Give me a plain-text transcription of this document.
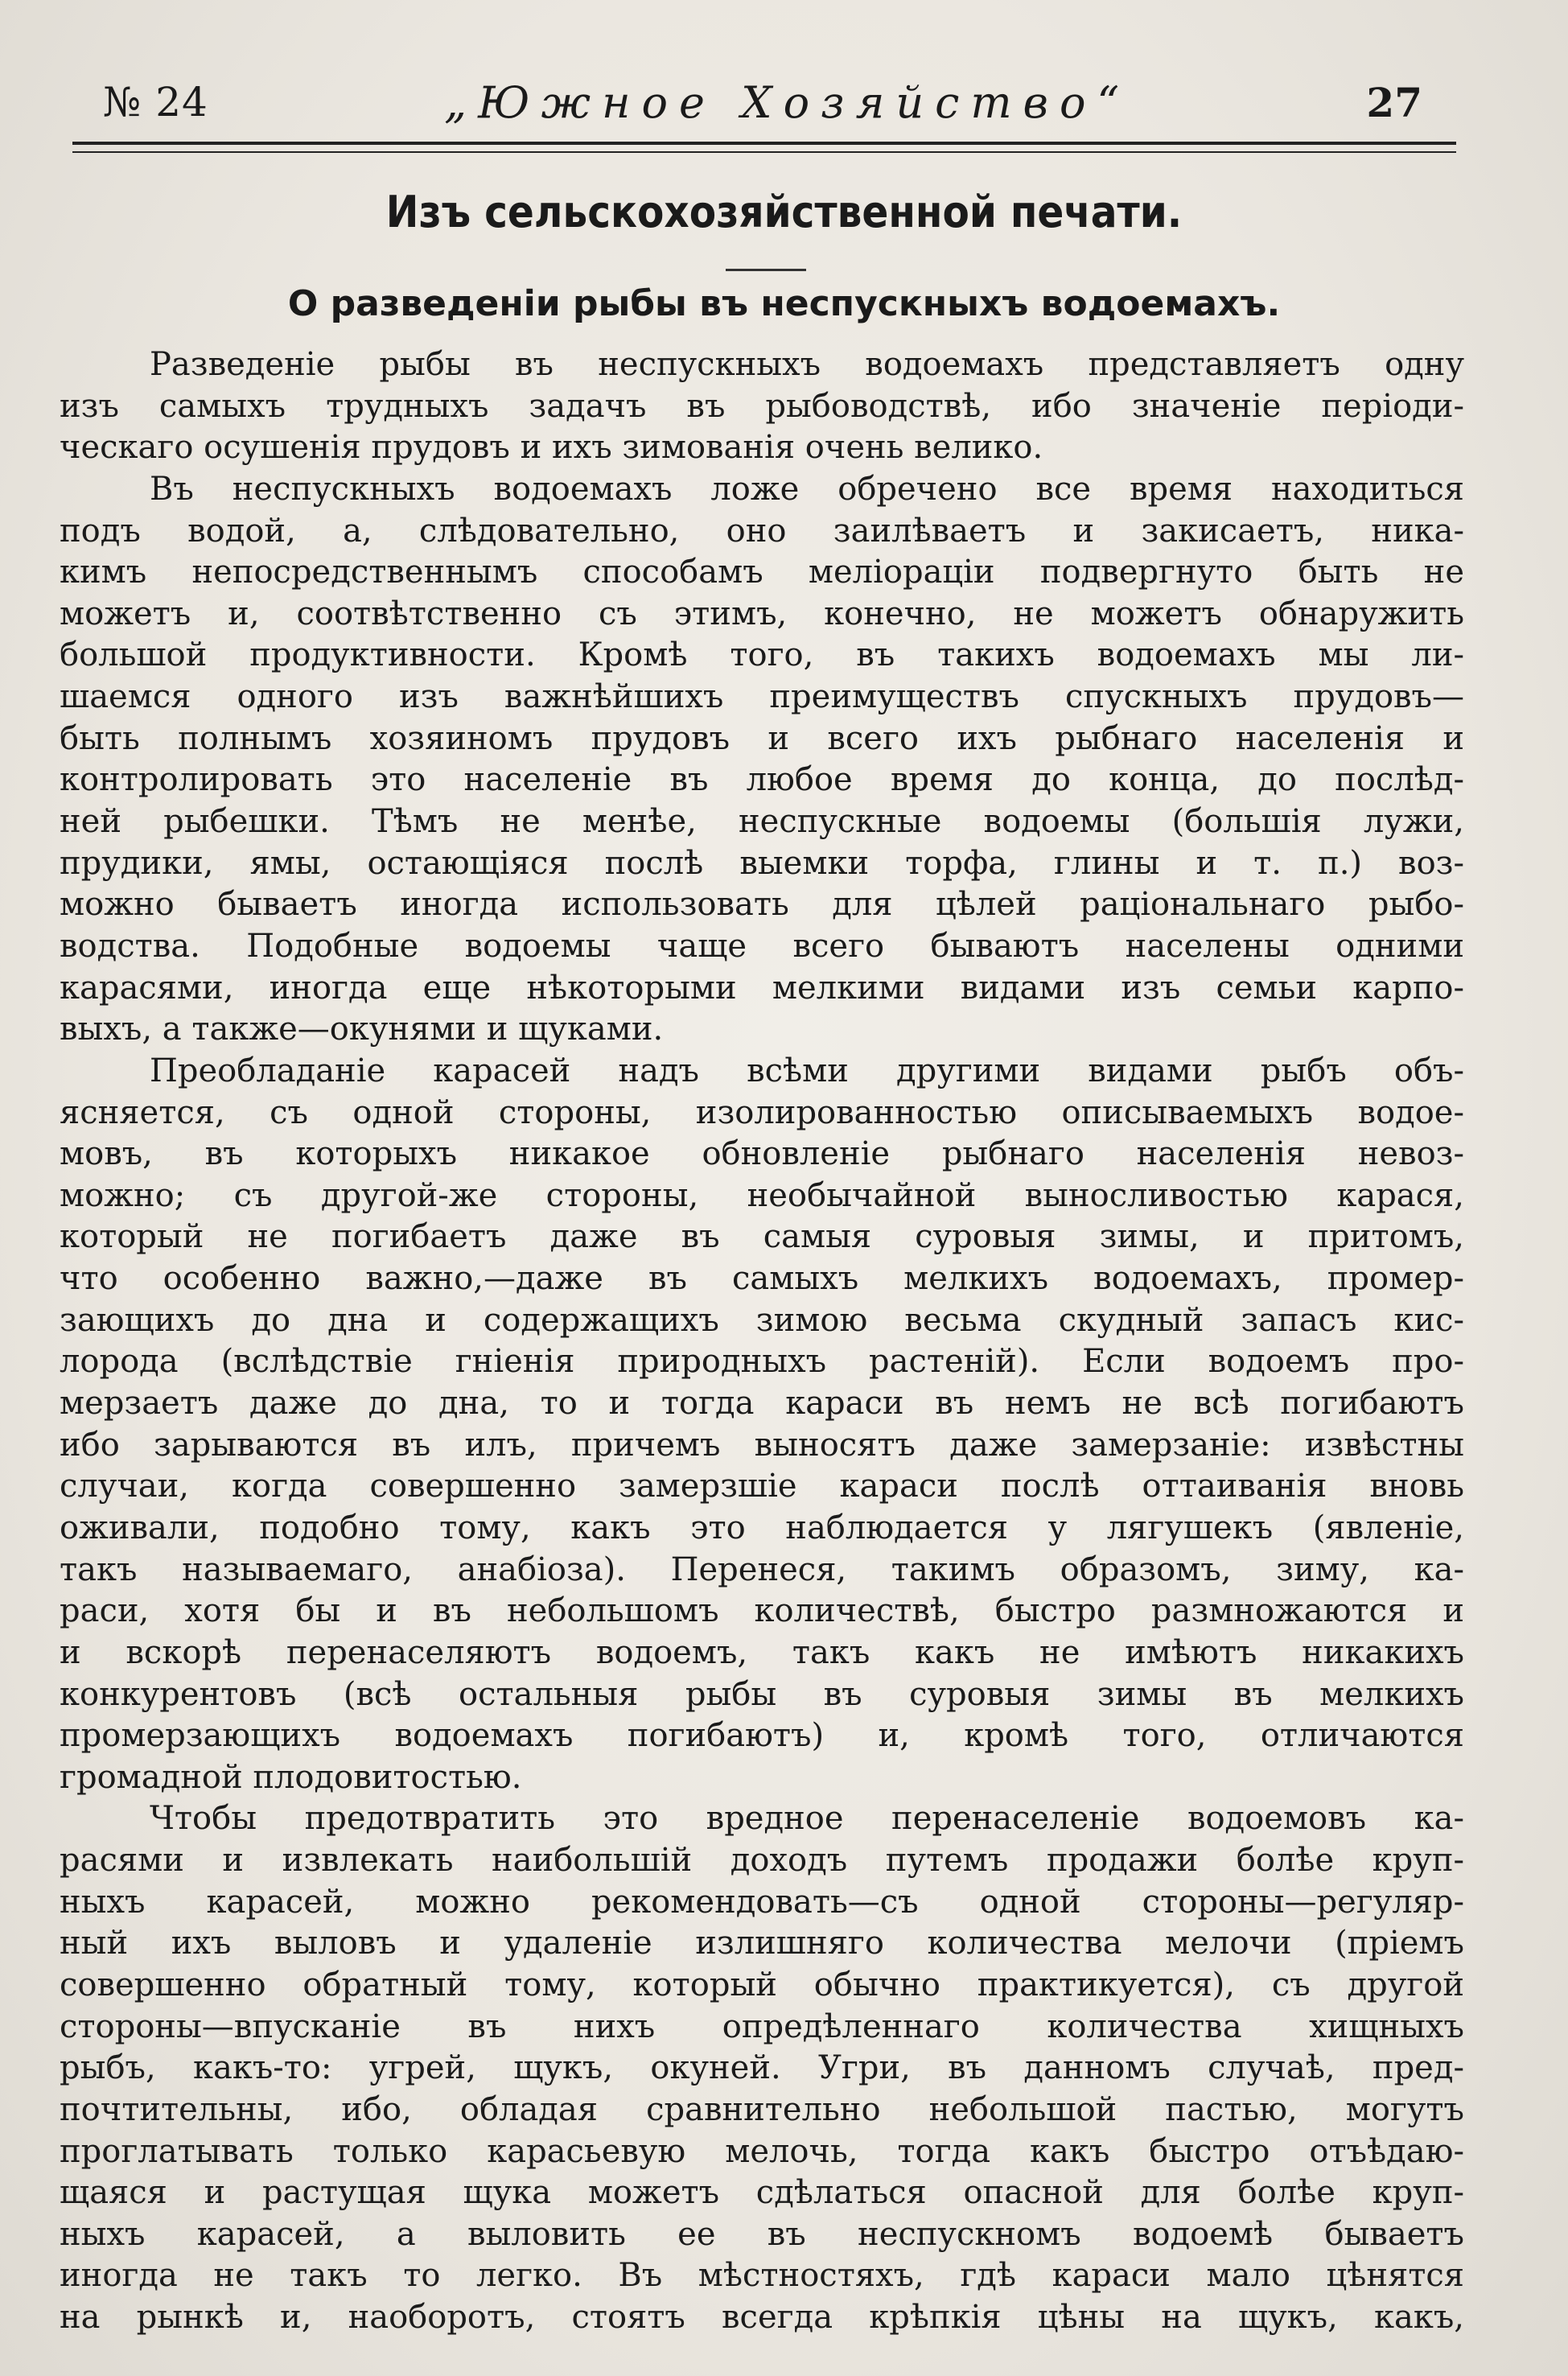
№ 24	„Южное Хозяйство“	27
Изъ сельскохозяйственной печати.
О разведеніи рыбы въ неспускныхъ водоемахъ.
Разведеніе рыбы въ неспускныхъ водоемахъ представляетъ одну
изъ самыхъ трудныхъ задачъ въ рыбоводствѣ, ибо значеніе періоди-
ческаго осушенія прудовъ и ихъ зимованія очень велико.
Въ неспускныхъ водоемахъ ложе обречено все время находиться
подъ водой, а, слѣдовательно, оно заилѣваетъ и закисаетъ, ника-
кимъ непосредственнымъ способамъ меліораціи подвергнуто быть не
можетъ и, соотвѣтственно съ этимъ, конечно, не можетъ обнаружить
большой продуктивности. Кромѣ того, въ такихъ водоемахъ мы ли-
шаемся одного изъ важнѣйшихъ преимуществъ спускныхъ прудовъ—
быть полнымъ хозяиномъ прудовъ и всего ихъ рыбнаго населенія и
контролировать это населеніе въ любое время до конца, до послѣд-
ней рыбешки. Тѣмъ не менѣе, неспускные водоемы (большія лужи,
прудики, ямы, остающіяся послѣ выемки торфа, глины и т. п.) воз-
можно бываетъ иногда использовать для цѣлей раціональнаго рыбо-
водства. Подобные водоемы чаще всего бываютъ населены одними
карасями, иногда еще нѣкоторыми мелкими видами изъ семьи карпо-
выхъ, а также—окунями и щуками.
Преобладаніе карасей надъ всѣми другими видами рыбъ объ-
ясняется, съ одной стороны, изолированностью описываемыхъ водое-
мовъ, въ которыхъ никакое обновленіе рыбнаго населенія невоз-
можно; съ другой-же стороны, необычайной выносливостью карася,
который не погибаетъ даже въ самыя суровыя зимы, и притомъ,
что особенно важно,—даже въ самыхъ мелкихъ водоемахъ, промер-
зающихъ до дна и содержащихъ зимою весьма скудный запасъ кис-
лорода (вслѣдствіе гніенія природныхъ растеній). Если водоемъ про-
мерзаетъ даже до дна, то и тогда караси въ немъ не всѣ погибаютъ
ибо зарываются въ илъ, причемъ выносятъ даже замерзаніе: извѣстны
случаи, когда совершенно замерзшіе караси послѣ оттаиванія вновь
оживали, подобно тому, какъ это наблюдается у лягушекъ (явленіе,
такъ называемаго, анабіоза). Перенеся, такимъ образомъ, зиму, ка-
раси, хотя бы и въ небольшомъ количествѣ, быстро размножаются и
и вскорѣ перенаселяютъ водоемъ, такъ какъ не имѣютъ никакихъ
конкурентовъ (всѣ остальныя рыбы въ суровыя зимы въ мелкихъ
промерзающихъ водоемахъ погибаютъ) и, кромѣ того, отличаются
громадной плодовитостью.
Чтобы предотвратить это вредное перенаселеніе водоемовъ ка-
расями и извлекать наибольшій доходъ путемъ продажи болѣе круп-
ныхъ карасей, можно рекомендовать—съ одной стороны—регуляр-
ный ихъ выловъ и удаленіе излишняго количества мелочи (пріемъ
совершенно обратный тому, который обычно практикуется), съ другой
стороны—впусканіе въ нихъ опредѣленнаго количества хищныхъ
рыбъ, какъ-то: угрей, щукъ, окуней. Угри, въ данномъ случаѣ, пред-
почтительны, ибо, обладая сравнительно небольшой пастью, могутъ
проглатывать только карасьевую мелочь, тогда какъ быстро отъѣдаю-
щаяся и растущая щука можетъ сдѣлаться опасной для болѣе круп-
ныхъ карасей, а выловить ее въ неспускномъ водоемѣ бываетъ
иногда не такъ то легко. Въ мѣстностяхъ, гдѣ караси мало цѣнятся
на рынкѣ и, наоборотъ, стоятъ всегда крѣпкія цѣны на щукъ, какъ,
